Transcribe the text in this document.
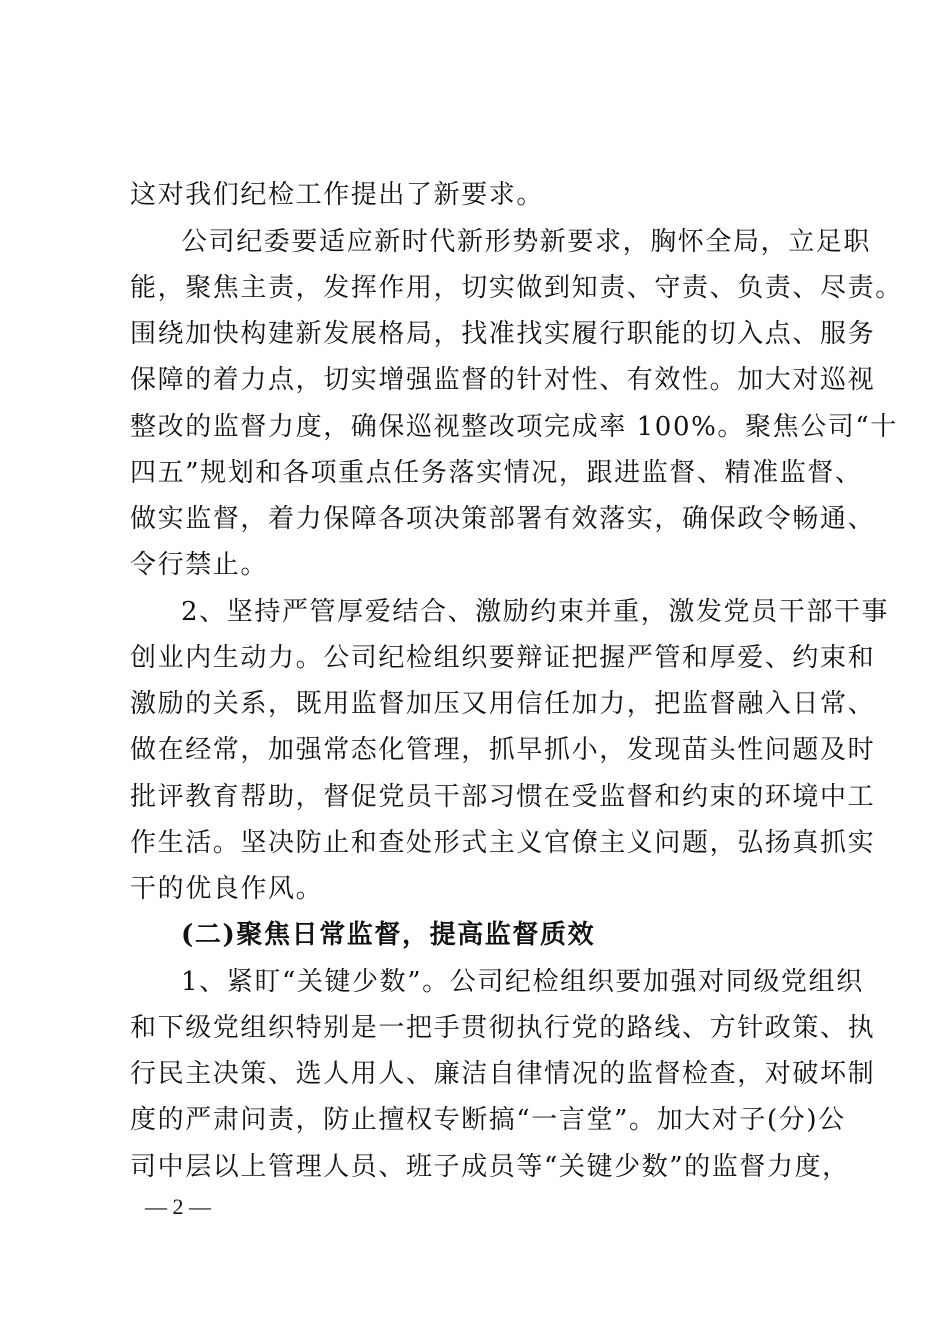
这对我们纪检工作提出了新要求。
公司纪委要适应新时代新形势新要求，胸怀全局，立足职
能，聚焦主责，发挥作用，切实做到知责、守责、负责、尽责。
围绕加快构建新发展格局，找准找实履行职能的切入点、服务
保障的着力点，切实增强监督的针对性、有效性。加大对巡视
整改的监督力度，确保巡视整改项完成率 100%。聚焦公司“十
四五”规划和各项重点任务落实情况，跟进监督、精准监督、
做实监督，着力保障各项决策部署有效落实，确保政令畅通、
令行禁止。
2、坚持严管厚爱结合、激励约束并重，激发党员干部干事
创业内生动力。公司纪检组织要辩证把握严管和厚爱、约束和
激励的关系，既用监督加压又用信任加力，把监督融入日常、
做在经常，加强常态化管理，抓早抓小，发现苗头性问题及时
批评教育帮助，督促党员干部习惯在受监督和约束的环境中工
作生活。坚决防止和查处形式主义官僚主义问题，弘扬真抓实
干的优良作风。
(二)聚焦日常监督，提高监督质效
1、紧盯“关键少数”。公司纪检组织要加强对同级党组织
和下级党组织特别是一把手贯彻执行党的路线、方针政策、执
行民主决策、选人用人、廉洁自律情况的监督检查，对破坏制
度的严肃问责，防止擅权专断搞“一言堂”。加大对子(分)公
司中层以上管理人员、班子成员等“关键少数”的监督力度，
— 2 —
